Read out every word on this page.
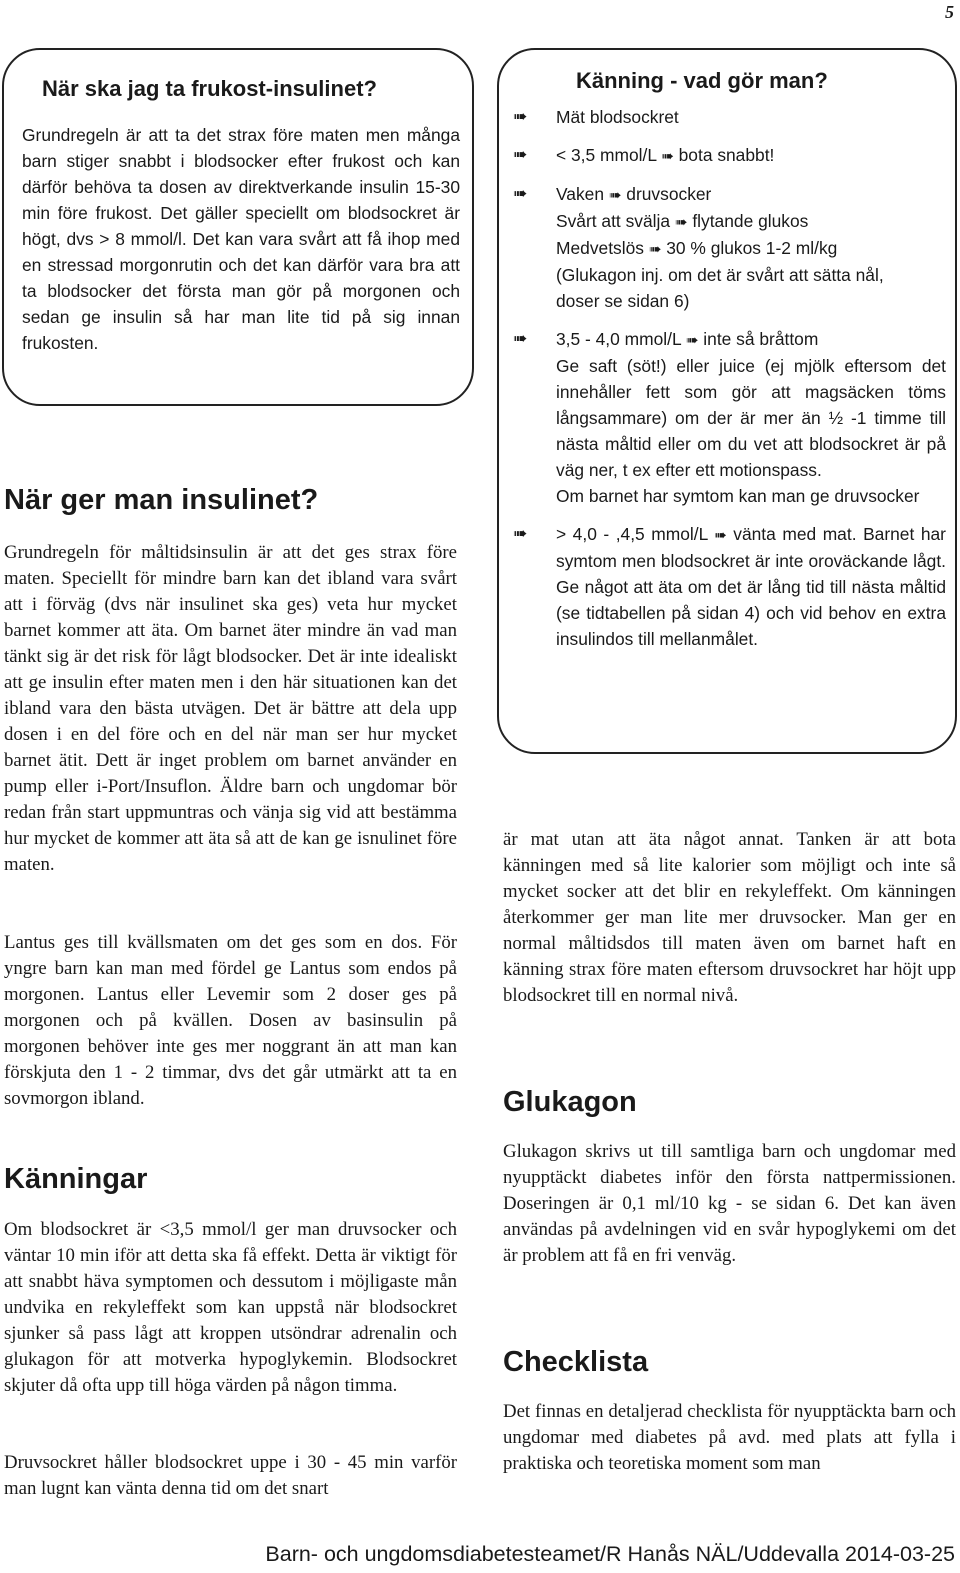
5
När ska jag ta frukost-insulinet?

Grundregeln är att ta det strax före maten men många barn stiger snabbt i blodsocker efter frukost och kan därför behöva ta dosen av direktverkande insulin 15-30 min före frukost. Det gäller speciellt om blodsockret är högt, dvs > 8 mmol/l. Det kan vara svårt att få ihop med en stressad morgonrutin och det kan därför vara bra att ta blodsocker det första man gör på morgonen och sedan ge insulin så har man lite tid på sig innan frukosten.

Känning - vad gör man?
➠ Mät blodsockret

➠ < 3,5 mmol/L ➠ bota snabbt!

➠ Vaken ➠ druvsocker
Svårt att svälja ➠ flytande glukos
Medvetslös ➠ 30 % glukos 1-2 ml/kg
(Glukagon inj. om det är svårt att sätta nål, doser se sidan 6)
➠ 3,5 - 4,0 mmol/L ➠ inte så bråttom
Ge saft (söt!) eller juice (ej mjölk eftersom det innehåller fett som gör att magsäcken töms långsammare) om der är mer än ½ -1 timme till nästa måltid eller om du vet att blodsockret är på väg ner, t ex efter ett motionspass.
Om barnet har symtom kan man ge druvsocker
➠ > 4,0 - ,4,5 mmol/L ➠ vänta med mat. Barnet har symtom men blodsockret är inte oroväckande lågt. Ge något att äta om det är lång tid till nästa måltid (se tidtabellen på sidan 4) och vid behov en extra insulindos till mellanmålet.
När ger man insulinet?

Grundregeln för måltidsinsulin är att det ges strax före maten. Speciellt för mindre barn kan det ibland vara svårt att i förväg (dvs när insulinet ska ges) veta hur mycket barnet kommer att äta. Om barnet äter mindre än vad man tänkt sig är det risk för lågt blodsocker. Det är inte idealiskt att ge insulin efter maten men i den här situationen kan det ibland vara den bästa utvägen. Det är bättre att dela upp dosen i en del före och en del när man ser hur mycket barnet ätit. Dett är inget problem om barnet använder en pump eller i-Port/Insuflon. Äldre barn och ungdomar bör redan från start uppmuntras och vänja sig vid att bestämma hur mycket de kommer att äta så att de kan ge isnulinet före maten.

Lantus ges till kvällsmaten om det ges som en dos. För yngre barn kan man med fördel ge Lantus som endos på morgonen. Lantus eller Levemir som 2 doser ges på morgonen och på kvällen. Dosen av basinsulin på morgonen behöver inte ges mer noggrant än att man kan förskjuta den 1 - 2 timmar, dvs det går utmärkt att ta en sovmorgon ibland.

Känningar

Om blodsockret är <3,5 mmol/l ger man druvsocker och väntar 10 min iför att detta ska få effekt. Detta är viktigt för att snabbt häva symptomen och dessutom i möjligaste mån undvika en rekyleffekt som kan uppstå när blodsockret sjunker så pass lågt att kroppen utsöndrar adrenalin och glukagon för att motverka hypoglykemin. Blodsockret skjuter då ofta upp till höga värden på någon timma.

Druvsockret håller blodsockret uppe i 30 - 45 min varför man lugnt kan vänta denna tid om det snart

är mat utan att äta något annat. Tanken är att bota känningen med så lite kalorier som möjligt och inte så mycket socker att det blir en rekyleffekt. Om känningen återkommer ger man lite mer druvsocker. Man ger en normal måltidsdos till maten även om barnet haft en känning strax före maten eftersom druvsockret har höjt upp blodsockret till en normal nivå.

Glukagon

Glukagon skrivs ut till samtliga barn och ungdomar med nyupptäckt diabetes inför den första nattpermissionen. Doseringen är 0,1 ml/10 kg - se sidan 6. Det kan även användas på avdelningen vid en svår hypoglykemi om det är problem att få en fri venväg.

Checklista

Det finnas en detaljerad checklista för nyupptäckta barn och ungdomar med diabetes på avd. med plats att fylla i praktiska och teoretiska moment som man

Barn- och ungdomsdiabetesteamet/R Hanås NÄL/Uddevalla 2014-03-25
